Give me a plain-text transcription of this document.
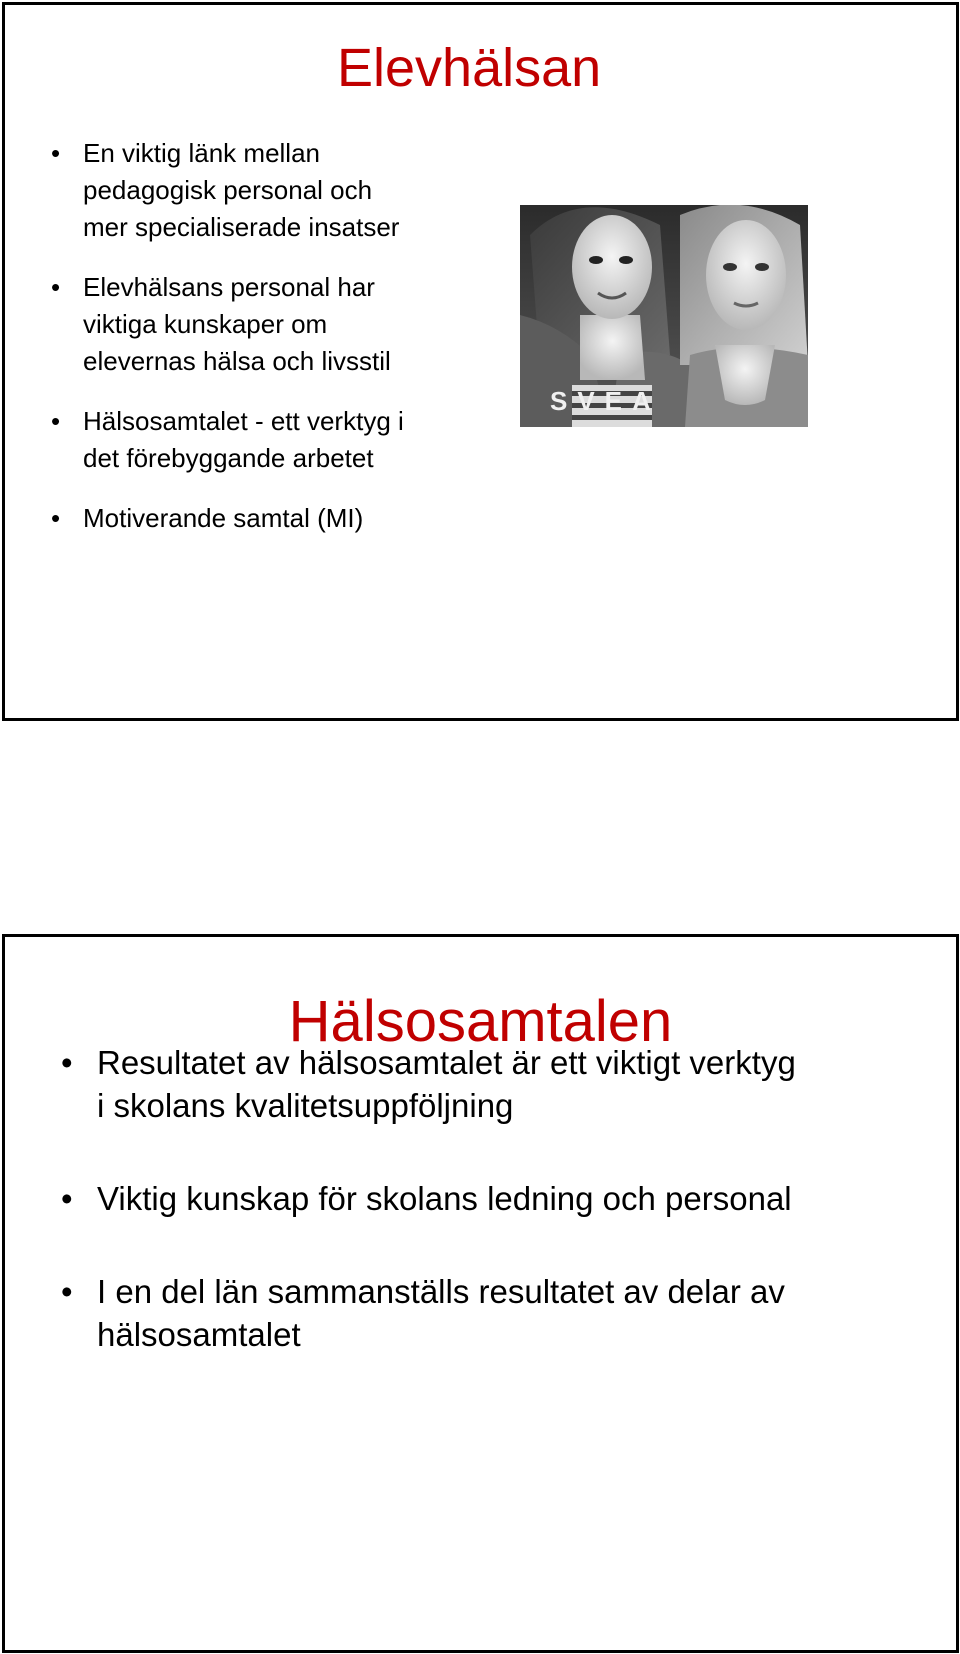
Elevhälsan
• En viktig länk mellan
pedagogisk personal och
mer specialiserade insatser
• Elevhälsans personal har
viktiga kunskaper om
elevernas hälsa och livsstil
• Hälsosamtalet - ett verktyg i
det förebyggande arbetet
• Motiverande samtal (MI)
SVEA
Hälsosamtalen
• Resultatet av hälsosamtalet är ett viktigt verktyg
i skolans kvalitetsuppföljning
• Viktig kunskap för skolans ledning och personal
• I en del län sammanställs resultatet av delar av
hälsosamtalet
